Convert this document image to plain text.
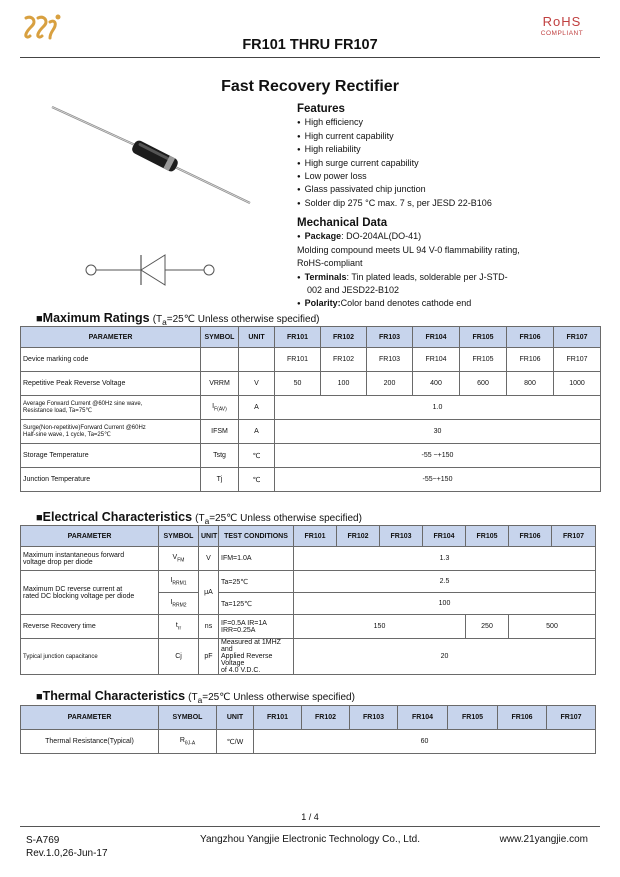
FR101 THRU FR107
RoHS
COMPLIANT
Fast Recovery Rectifier
Features
● High efficiency
● High current capability
● High reliability
● High surge current capability
● Low power loss
● Glass passivated chip junction
● Solder dip 275 °C max. 7 s, per JESD 22-B106
Mechanical Data
● Package: DO-204AL(DO-41)
Molding compound meets UL 94 V-0 flammability rating,
RoHS-compliant
● Terminals: Tin plated leads, solderable per J-STD-
002 and JESD22-B102
● Polarity:Color band denotes cathode end
■Maximum Ratings ($T_a=25℃$ Unless otherwise specified)
PARAMETER	SYMBOL	UNIT	FR101	FR102	FR103	FR104	FR105	FR106	FR107
Device marking code			FR101	FR102	FR103	FR104	FR105	FR106	FR107
Repetitive Peak Reverse Voltage	VRRM	V	50	100	200	400	600	800	1000
Average Forward Current @60Hz sine wave,
Resistance load, Ta=75℃	$I_{F(AV)}$	A	1.0						
Surge(Non-repetitive)Forward Current @60Hz
Half-sine wave, 1 cycle, Ta=25℃	IFSM	A	30						
Storage Temperature	Tstg	℃	-55 ~+150						
Junction Temperature	Tj	℃	-55~+150						
■Electrical Characteristics ($T_a=25℃$ Unless otherwise specified)
PARAMETER	SYMBOL	UNIT	TEST CONDITIONS	FR101	FR102	FR103	FR104	FR105	FR106	FR107
Maximum instantaneous forward
voltage drop per diode	$V_{FM}$	V	IFM=1.0A	1.3						
Maximum DC reverse current at
rated DC blocking voltage per diode	$I_{RRM1}$	μA	Ta=25℃	2.5						
	$I_{RRM2}$		Ta=125℃	100						
Reverse Recovery time	$t_{rr}$	ns	IF=0.5A IR=1A
IRR=0.25A	150				250	500	
Typical junction capacitance	Cj	pF	Measured at 1MHZ and
Applied Reverse Voltage
of 4.0 V.D.C.	20						
■Thermal Characteristics ($T_a=25℃$ Unless otherwise specified)
PARAMETER	SYMBOL	UNIT	FR101	FR102	FR103	FR104	FR105	FR106	FR107
Thermal Resistance(Typical)	$R_{\theta J-A}$	℃/W	60						
1 / 4
S-A769
Rev.1.0,26-Jun-17
Yangzhou Yangjie Electronic Technology Co., Ltd.	www.21yangjie.com
